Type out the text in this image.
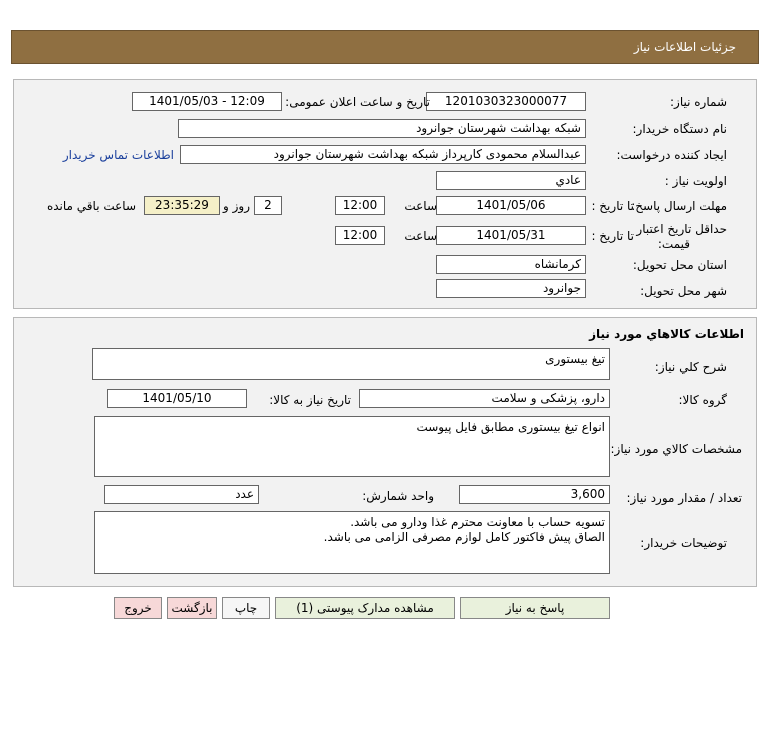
جزئیات اطلاعات نیاز
شماره نیاز:
1201030323000077
تاریخ و ساعت اعلان عمومی:
1401/05/03 - 12:09
نام دستگاه خریدار:
شبکه بهداشت شهرستان جوانرود
ایجاد کننده درخواست:
عبدالسلام محمودی کارپرداز شبکه بهداشت شهرستان جوانرود
اطلاعات تماس خریدار
اولویت نیاز :
عادي
مهلت ارسال پاسخ:
تا تاریخ :
1401/05/06
ساعت
12:00
2
روز و
23:35:29
ساعت باقي مانده
حداقل تاریخ اعتبار
قیمت:
تا تاریخ :
1401/05/31
ساعت
12:00
استان محل تحویل:
کرمانشاه
شهر محل تحویل:
جوانرود
اطلاعات کالاهاي مورد نياز
شرح کلي نياز:
تیغ بیستوری
گروه کالا:
دارو، پزشکی و سلامت
تاریخ نیاز به کالا:
1401/05/10
مشخصات کالاي مورد نياز:
انواع تیغ بیستوری مطابق فایل پیوست
تعداد / مقدار مورد نیاز:
3,600
واحد شمارش:
عدد
توضیحات خریدار:
تسویه حساب با معاونت محترم غذا ودارو می باشد.
الصاق پیش فاکتور کامل لوازم مصرفی الزامی می باشد.
پاسخ به نیاز
مشاهده مدارک پیوستی (1)
چاپ
بازگشت
خروج
